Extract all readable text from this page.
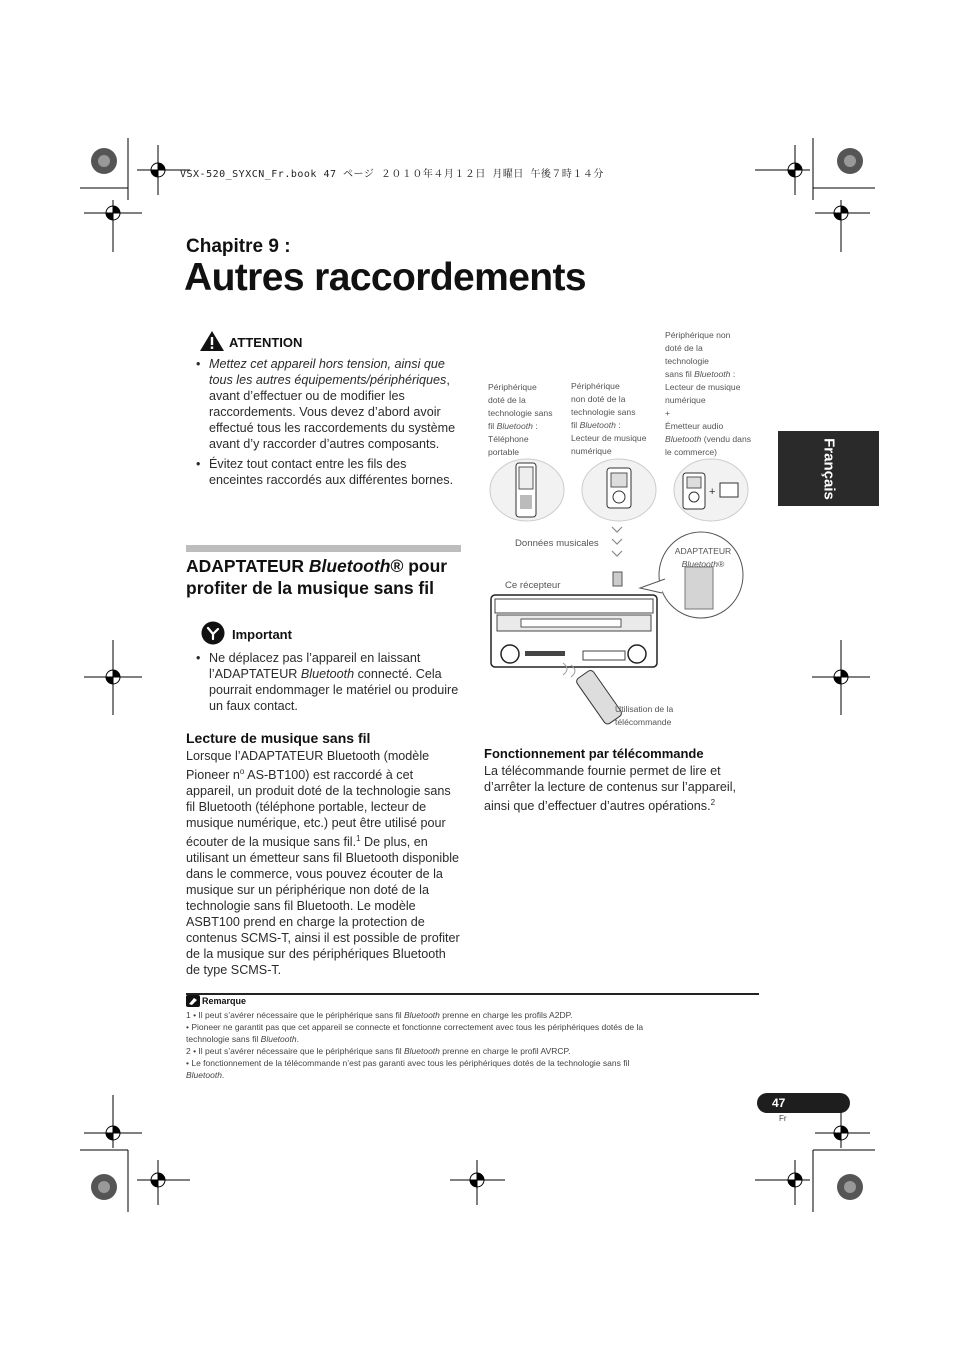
VSX-520_SYXCN_Fr.book 47 ページ ２０１０年４月１２日 月曜日 午後７時１４分
Chapitre 9 :
Autres raccordements
Français
ATTENTION
• Mettez cet appareil hors tension, ainsi que tous les autres équipements/périphériques, avant d’effectuer ou de modifier les raccordements. Vous devez d’abord avoir effectué tous les raccordements du système avant d’y raccorder d’autres composants.
• Évitez tout contact entre les fils des enceintes raccordés aux différentes bornes.
ADAPTATEUR Bluetooth® pour profiter de la musique sans fil
Important
• Ne déplacez pas l’appareil en laissant l’ADAPTATEUR Bluetooth connecté. Cela pourrait endommager le matériel ou produire un faux contact.
Lecture de musique sans fil
Lorsque l’ADAPTATEUR Bluetooth (modèle Pioneer $n^o$ AS-BT100) est raccordé à cet appareil, un produit doté de la technologie sans fil Bluetooth (téléphone portable, lecteur de musique numérique, etc.) peut être utilisé pour écouter de la musique sans fil.$^1$ De plus, en utilisant un émetteur sans fil Bluetooth disponible dans le commerce, vous pouvez écouter de la musique sur un périphérique non doté de la technologie sans fil Bluetooth. Le modèle ASBT100 prend en charge la protection de contenus SCMS-T, ainsi il est possible de profiter de la musique sur des périphériques Bluetooth de type SCMS-T.
Périphérique
doté de la
technologie sans
fil Bluetooth :
Téléphone
portable
Périphérique
non doté de la
technologie sans
fil Bluetooth :
Lecteur de musique
numérique
Périphérique non
doté de la
technologie
sans fil Bluetooth :
Lecteur de musique
numérique
+
Émetteur audio
Bluetooth (vendu dans
le commerce)
+
Données musicales
Ce récepteur
ADAPTATEUR
Bluetooth®
Utilisation de la
télécommande
Fonctionnement par télécommande
La télécommande fournie permet de lire et d’arrêter la lecture de contenus sur l’appareil, ainsi que d’effectuer d’autres opérations.$^2$
Remarque
1 • Il peut s’avérer nécessaire que le périphérique sans fil Bluetooth prenne en charge les profils A2DP.
• Pioneer ne garantit pas que cet appareil se connecte et fonctionne correctement avec tous les périphériques dotés de la
technologie sans fil Bluetooth.
2 • Il peut s’avérer nécessaire que le périphérique sans fil Bluetooth prenne en charge le profil AVRCP.
• Le fonctionnement de la télécommande n’est pas garanti avec tous les périphériques dotés de la technologie sans fil
Bluetooth.
47
Fr
